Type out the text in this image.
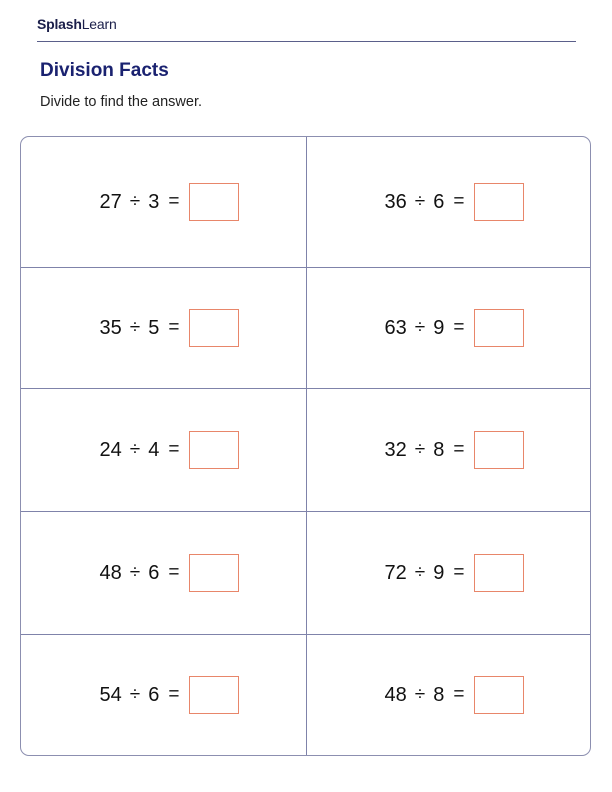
SplashLearn
Division Facts
Divide to find the answer.
27 ÷ 3 =	36 ÷ 6 =
35 ÷ 5 =	63 ÷ 9 =
24 ÷ 4 =	32 ÷ 8 =
48 ÷ 6 =	72 ÷ 9 =
54 ÷ 6 =	48 ÷ 8 =
